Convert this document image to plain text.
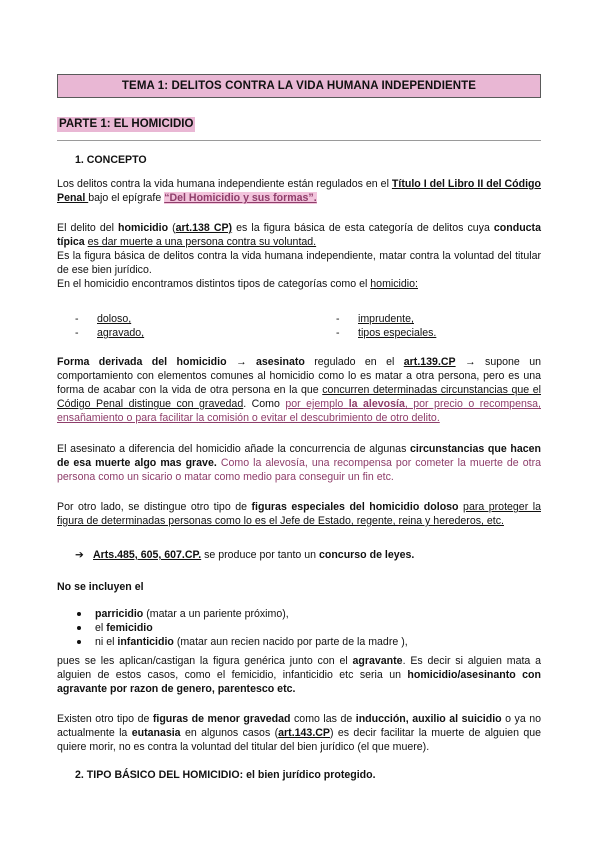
TEMA 1: DELITOS CONTRA LA VIDA HUMANA INDEPENDIENTE
PARTE 1: EL HOMICIDIO
1. CONCEPTO

Los delitos contra la vida humana independiente están regulados en el Título I del Libro II del Código Penal bajo el epígrafe “Del Homicidio y sus formas”.

El delito del homicidio (art.138 CP) es la figura básica de esta categoría de delitos cuya conducta típica es dar muerte a una persona contra su voluntad.

Es la figura básica de delitos contra la vida humana independiente, matar contra la voluntad del titular de ese bien jurídico.

En el homicidio encontramos distintos tipos de categorías como el homicidio:

- doloso,
- agravado,
- imprudente,
- tipos especiales.

Forma derivada del homicidio → asesinato regulado en el art.139.CP → supone un comportamiento con elementos comunes al homicidio como lo es matar a otra persona, pero es una forma de acabar con la vida de otra persona en la que concurren determinadas circunstancias que el Código Penal distingue con gravedad. Como por ejemplo la alevosía, por precio o recompensa, ensañamiento o para facilitar la comisión o evitar el descubrimiento de otro delito.

El asesinato a diferencia del homicidio añade la concurrencia de algunas circunstancias que hacen de esa muerte algo mas grave. Como la alevosía, una recompensa por cometer la muerte de otra persona como un sicario o matar como medio para conseguir un fin etc.

Por otro lado, se distingue otro tipo de figuras especiales del homicidio doloso para proteger la figura de determinadas personas como lo es el Jefe de Estado, regente, reina y herederos, etc.

➔ Arts.485, 605, 607.CP. se produce por tanto un concurso de leyes.
No se incluyen el
parricidio (matar a un pariente próximo),
el femicidio
ni el infanticidio (matar aun recien nacido por parte de la madre ),

pues se les aplican/castigan la figura genérica junto con el agravante. Es decir si alguien mata a alguien de estos casos, como el femicidio, infanticidio etc seria un homicidio/asesinanto con agravante por razon de genero, parentesco etc.

Existen otro tipo de figuras de menor gravedad como las de inducción, auxilio al suicidio o ya no actualmente la eutanasia en algunos casos (art.143.CP) es decir facilitar la muerte de alguien que quiere morir, no es contra la voluntad del titular del bien jurídico (el que muere).

2. TIPO BÁSICO DEL HOMICIDIO: el bien jurídico protegido.
